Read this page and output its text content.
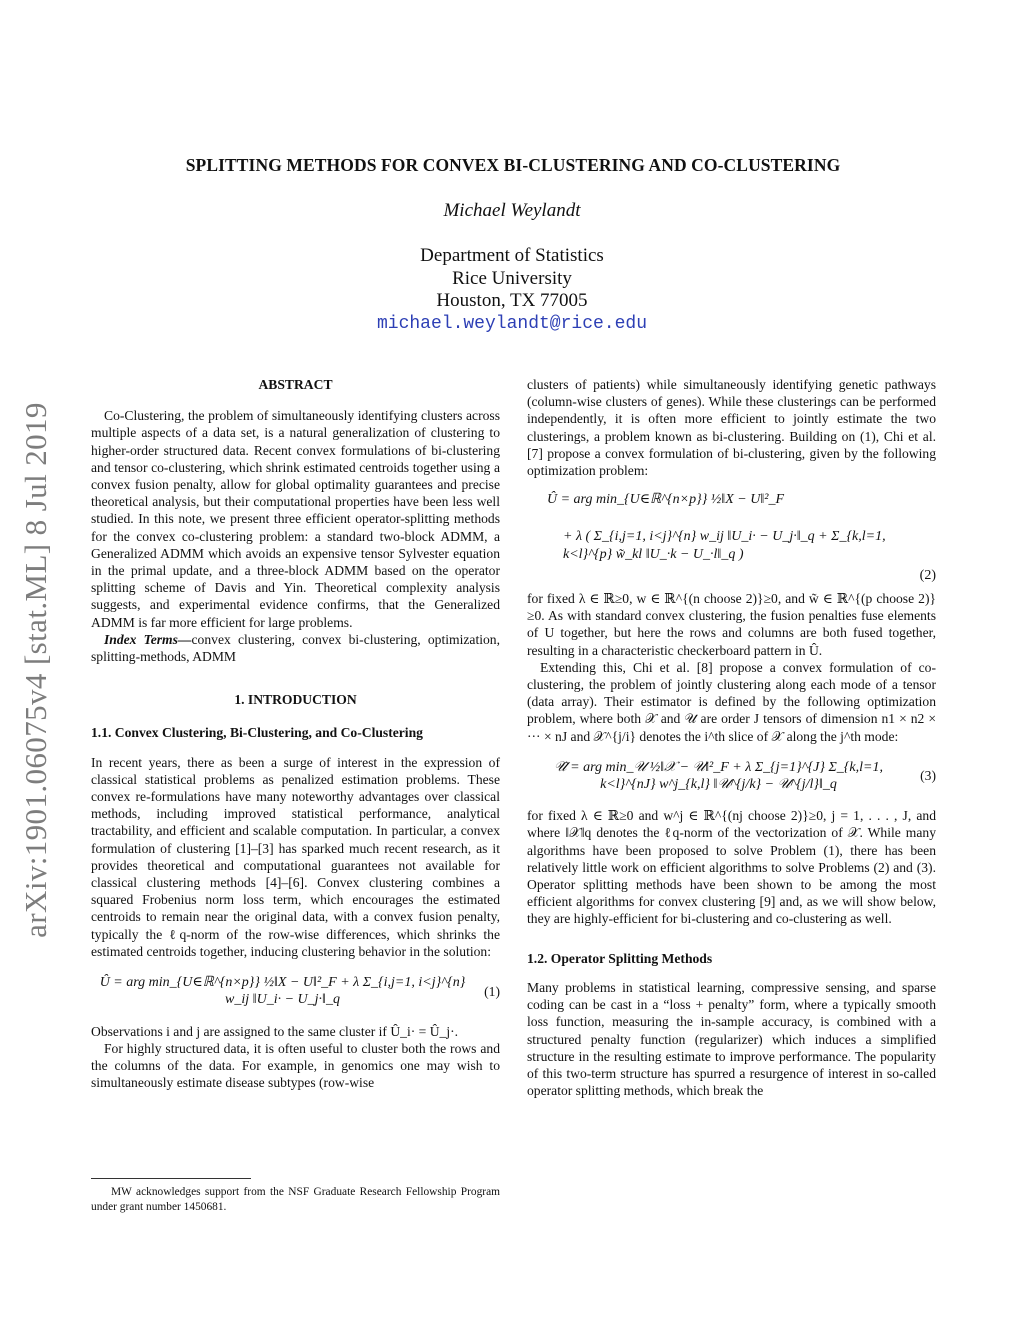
arXiv:1901.06075v4 [stat.ML] 8 Jul 2019
SPLITTING METHODS FOR CONVEX BI-CLUSTERING AND CO-CLUSTERING
Michael Weylandt
Department of Statistics
Rice University
Houston, TX 77005
michael.weylandt@rice.edu
ABSTRACT

Co-Clustering, the problem of simultaneously identifying clusters across multiple aspects of a data set, is a natural generalization of clustering to higher-order structured data. Recent convex formulations of bi-clustering and tensor co-clustering, which shrink estimated centroids together using a convex fusion penalty, allow for global optimality guarantees and precise theoretical analysis, but their computational properties have been less well studied. In this note, we present three efficient operator-splitting methods for the convex co-clustering problem: a standard two-block ADMM, a Generalized ADMM which avoids an expensive tensor Sylvester equation in the primal update, and a three-block ADMM based on the operator splitting scheme of Davis and Yin. Theoretical complexity analysis suggests, and experimental evidence confirms, that the Generalized ADMM is far more efficient for large problems.

Index Terms—convex clustering, convex bi-clustering, optimization, splitting-methods, ADMM

1. INTRODUCTION
1.1. Convex Clustering, Bi-Clustering, and Co-Clustering

In recent years, there as been a surge of interest in the expression of classical statistical problems as penalized estimation problems. These convex re-formulations have many noteworthy advantages over classical methods, including improved statistical performance, analytical tractability, and efficient and scalable computation. In particular, a convex formulation of clustering [1]–[3] has sparked much recent research, as it provides theoretical and computational guarantees not available for classical clustering methods [4]–[6]. Convex clustering combines a squared Frobenius norm loss term, which encourages the estimated centroids to remain near the original data, with a convex fusion penalty, typically the ℓq-norm of the row-wise differences, which shrinks the estimated centroids together, inducing clustering behavior in the solution:

Û = arg min_{U∈ℝ^{n×p}} ½‖X − U‖²_F + λ Σ_{i,j=1, i<j}^{n} w_ij ‖U_i· − U_j·‖_q
(1)

Observations i and j are assigned to the same cluster if Û_i· = Û_j·.

For highly structured data, it is often useful to cluster both the rows and the columns of the data. For example, in genomics one may wish to simultaneously estimate disease subtypes (row-wise

clusters of patients) while simultaneously identifying genetic pathways (column-wise clusters of genes). While these clusterings can be performed independently, it is often more efficient to jointly estimate the two clusterings, a problem known as bi-clustering. Building on (1), Chi et al. [7] propose a convex formulation of bi-clustering, given by the following optimization problem:

Û = arg min_{U∈ℝ^{n×p}} ½‖X − U‖²_F
+ λ ( Σ_{i,j=1, i<j}^{n} w_ij ‖U_i· − U_j·‖_q + Σ_{k,l=1, k<l}^{p} w̃_kl ‖U_·k − U_·l‖_q )
(2)

for fixed λ ∈ ℝ≥0, w ∈ ℝ^{(n choose 2)}≥0, and w̃ ∈ ℝ^{(p choose 2)}≥0. As with standard convex clustering, the fusion penalties fuse elements of U together, but here the rows and columns are both fused together, resulting in a characteristic checkerboard pattern in Û.

Extending this, Chi et al. [8] propose a convex formulation of co-clustering, the problem of jointly clustering along each mode of a tensor (data array). Their estimator is defined by the following optimization problem, where both 𝒳 and 𝒰 are order J tensors of dimension n1 × n2 × ··· × nJ and 𝒳^{j/i} denotes the i^th slice of 𝒳 along the j^th mode:

𝒰̂ = arg min_𝒰 ½‖𝒳 − 𝒰‖²_F + λ Σ_{j=1}^{J} Σ_{k,l=1, k<l}^{nJ} w^j_{k,l} ‖𝒰^{j/k} − 𝒰^{j/l}‖_q
(3)

for fixed λ ∈ ℝ≥0 and w^j ∈ ℝ^{(nj choose 2)}≥0, j = 1, . . . , J, and where ‖𝒳‖q denotes the ℓq-norm of the vectorization of 𝒳. While many algorithms have been proposed to solve Problem (1), there has been relatively little work on efficient algorithms to solve Problems (2) and (3). Operator splitting methods have been shown to be among the most efficient algorithms for convex clustering [9] and, as we will show below, they are highly-efficient for bi-clustering and co-clustering as well.

1.2. Operator Splitting Methods

Many problems in statistical learning, compressive sensing, and sparse coding can be cast in a “loss + penalty” form, where a typically smooth loss function, measuring the in-sample accuracy, is combined with a structured penalty function (regularizer) which induces a simplified structure in the resulting estimate to improve performance. The popularity of this two-term structure has spurred a resurgence of interest in so-called operator splitting methods, which break the

MW acknowledges support from the NSF Graduate Research Fellowship Program under grant number 1450681.
